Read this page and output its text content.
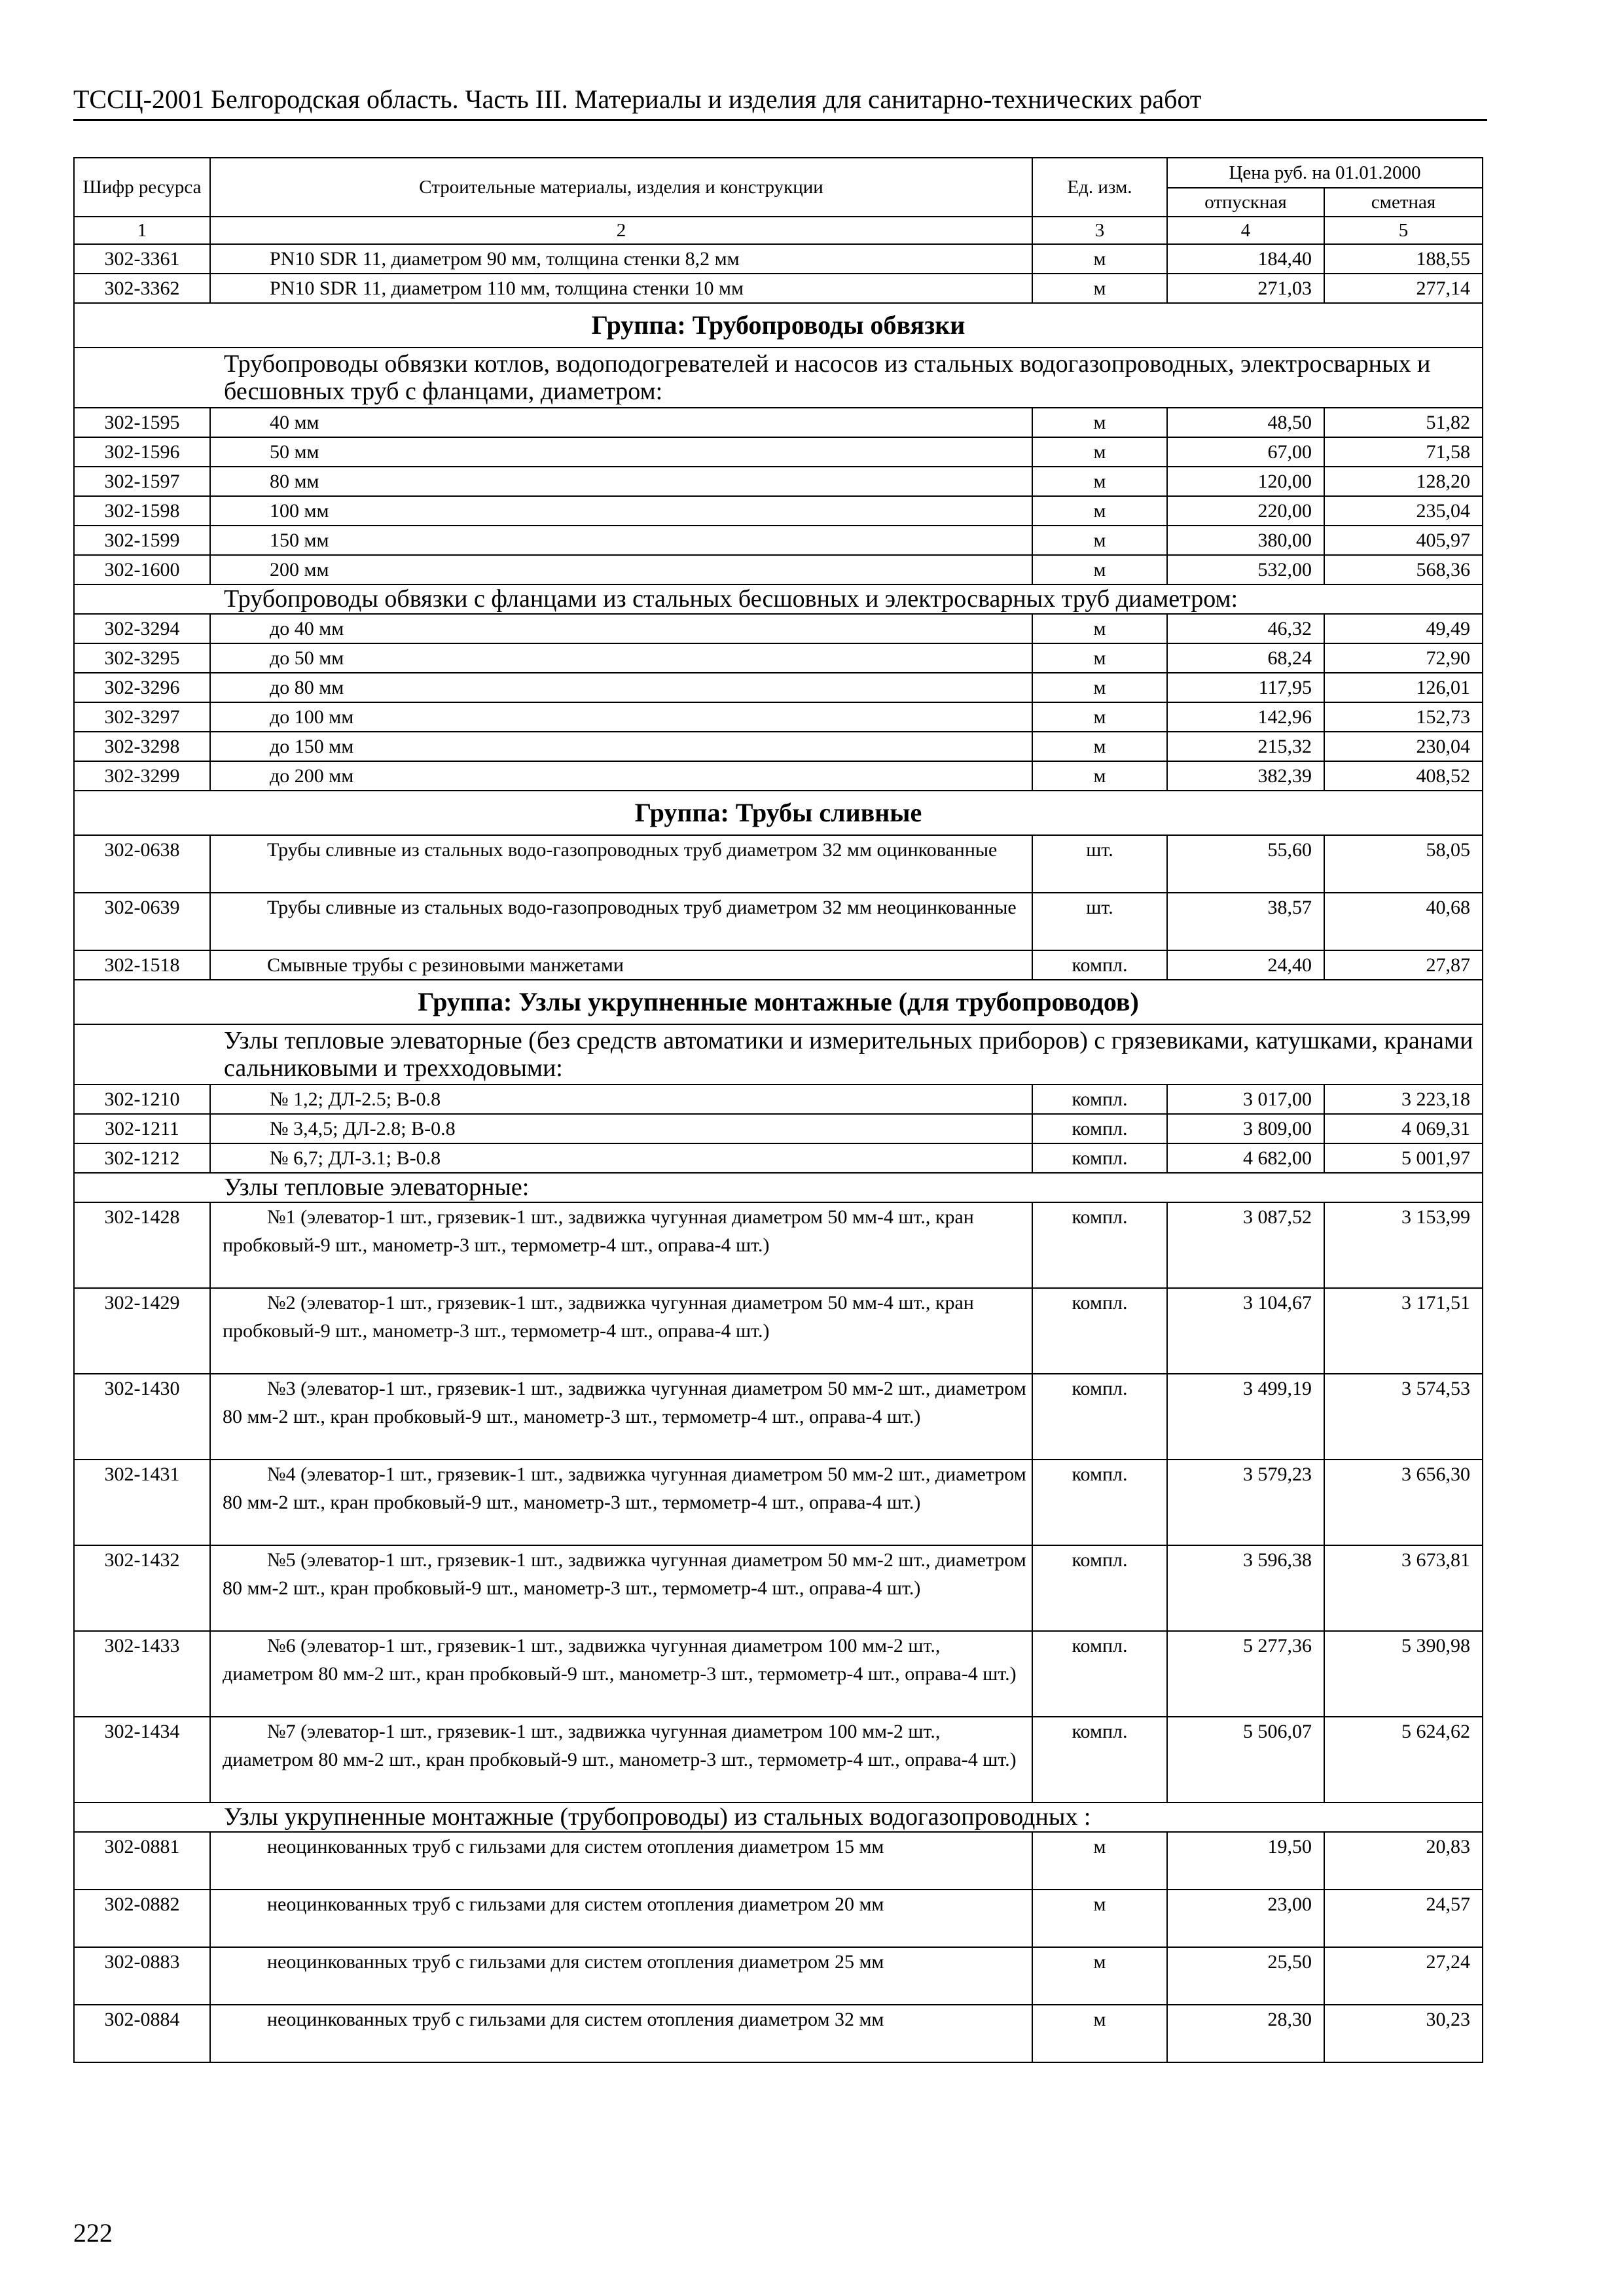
ТССЦ-2001 Белгородская область. Часть III. Материалы и изделия для санитарно-технических работ
Шифр ресурса	Строительные материалы, изделия и конструкции	Ед. изм.	Цена руб. на 01.01.2000	
			отпускная	сметная
1	2	3	4	5
302-3361	PN10 SDR 11, диаметром 90 мм, толщина стенки 8,2 мм	м	184,40	188,55
302-3362	PN10 SDR 11, диаметром 110 мм, толщина стенки 10 мм	м	271,03	277,14
Группа: Трубопроводы обвязки				
Трубопроводы обвязки котлов, водоподогревателей и насосов из стальных водогазопроводных, электросварных и бесшовных труб с фланцами, диаметром:				
302-1595	40 мм	м	48,50	51,82
302-1596	50 мм	м	67,00	71,58
302-1597	80 мм	м	120,00	128,20
302-1598	100 мм	м	220,00	235,04
302-1599	150 мм	м	380,00	405,97
302-1600	200 мм	м	532,00	568,36
Трубопроводы обвязки с фланцами из стальных бесшовных и электросварных труб диаметром:				
302-3294	до 40 мм	м	46,32	49,49
302-3295	до 50 мм	м	68,24	72,90
302-3296	до 80 мм	м	117,95	126,01
302-3297	до 100 мм	м	142,96	152,73
302-3298	до 150 мм	м	215,32	230,04
302-3299	до 200 мм	м	382,39	408,52
Группа: Трубы сливные				
302-0638	Трубы сливные из стальных водо-газопроводных труб диаметром 32 мм оцинкованные	шт.	55,60	58,05
302-0639	Трубы сливные из стальных водо-газопроводных труб диаметром 32 мм неоцинкованные	шт.	38,57	40,68
302-1518	Смывные трубы с резиновыми манжетами	компл.	24,40	27,87
Группа: Узлы укрупненные монтажные (для трубопроводов)				
Узлы тепловые элеваторные (без средств автоматики и измерительных приборов) с грязевиками, катушками, кранами сальниковыми и трехходовыми:				
302-1210	№ 1,2; ДЛ-2.5; В-0.8	компл.	3 017,00	3 223,18
302-1211	№ 3,4,5; ДЛ-2.8; В-0.8	компл.	3 809,00	4 069,31
302-1212	№ 6,7; ДЛ-3.1; В-0.8	компл.	4 682,00	5 001,97
Узлы тепловые элеваторные:				
302-1428	№1 (элеватор-1 шт., грязевик-1 шт., задвижка чугунная диаметром 50 мм-4 шт., кран пробковый-9 шт., манометр-3 шт., термометр-4 шт., оправа-4 шт.)	компл.	3 087,52	3 153,99
302-1429	№2 (элеватор-1 шт., грязевик-1 шт., задвижка чугунная диаметром 50 мм-4 шт., кран пробковый-9 шт., манометр-3 шт., термометр-4 шт., оправа-4 шт.)	компл.	3 104,67	3 171,51
302-1430	№3 (элеватор-1 шт., грязевик-1 шт., задвижка чугунная диаметром 50 мм-2 шт., диаметром 80 мм-2 шт., кран пробковый-9 шт., манометр-3 шт., термометр-4 шт., оправа-4 шт.)	компл.	3 499,19	3 574,53
302-1431	№4 (элеватор-1 шт., грязевик-1 шт., задвижка чугунная диаметром 50 мм-2 шт., диаметром 80 мм-2 шт., кран пробковый-9 шт., манометр-3 шт., термометр-4 шт., оправа-4 шт.)	компл.	3 579,23	3 656,30
302-1432	№5 (элеватор-1 шт., грязевик-1 шт., задвижка чугунная диаметром 50 мм-2 шт., диаметром 80 мм-2 шт., кран пробковый-9 шт., манометр-3 шт., термометр-4 шт., оправа-4 шт.)	компл.	3 596,38	3 673,81
302-1433	№6 (элеватор-1 шт., грязевик-1 шт., задвижка чугунная диаметром 100 мм-2 шт., диаметром 80 мм-2 шт., кран пробковый-9 шт., манометр-3 шт., термометр-4 шт., оправа-4 шт.)	компл.	5 277,36	5 390,98
302-1434	№7 (элеватор-1 шт., грязевик-1 шт., задвижка чугунная диаметром 100 мм-2 шт., диаметром 80 мм-2 шт., кран пробковый-9 шт., манометр-3 шт., термометр-4 шт., оправа-4 шт.)	компл.	5 506,07	5 624,62
Узлы укрупненные монтажные (трубопроводы) из стальных водогазопроводных :				
302-0881	неоцинкованных труб с гильзами для систем отопления диаметром 15 мм	м	19,50	20,83
302-0882	неоцинкованных труб с гильзами для систем отопления диаметром 20 мм	м	23,00	24,57
302-0883	неоцинкованных труб с гильзами для систем отопления диаметром 25 мм	м	25,50	27,24
302-0884	неоцинкованных труб с гильзами для систем отопления диаметром 32 мм	м	28,30	30,23
222
